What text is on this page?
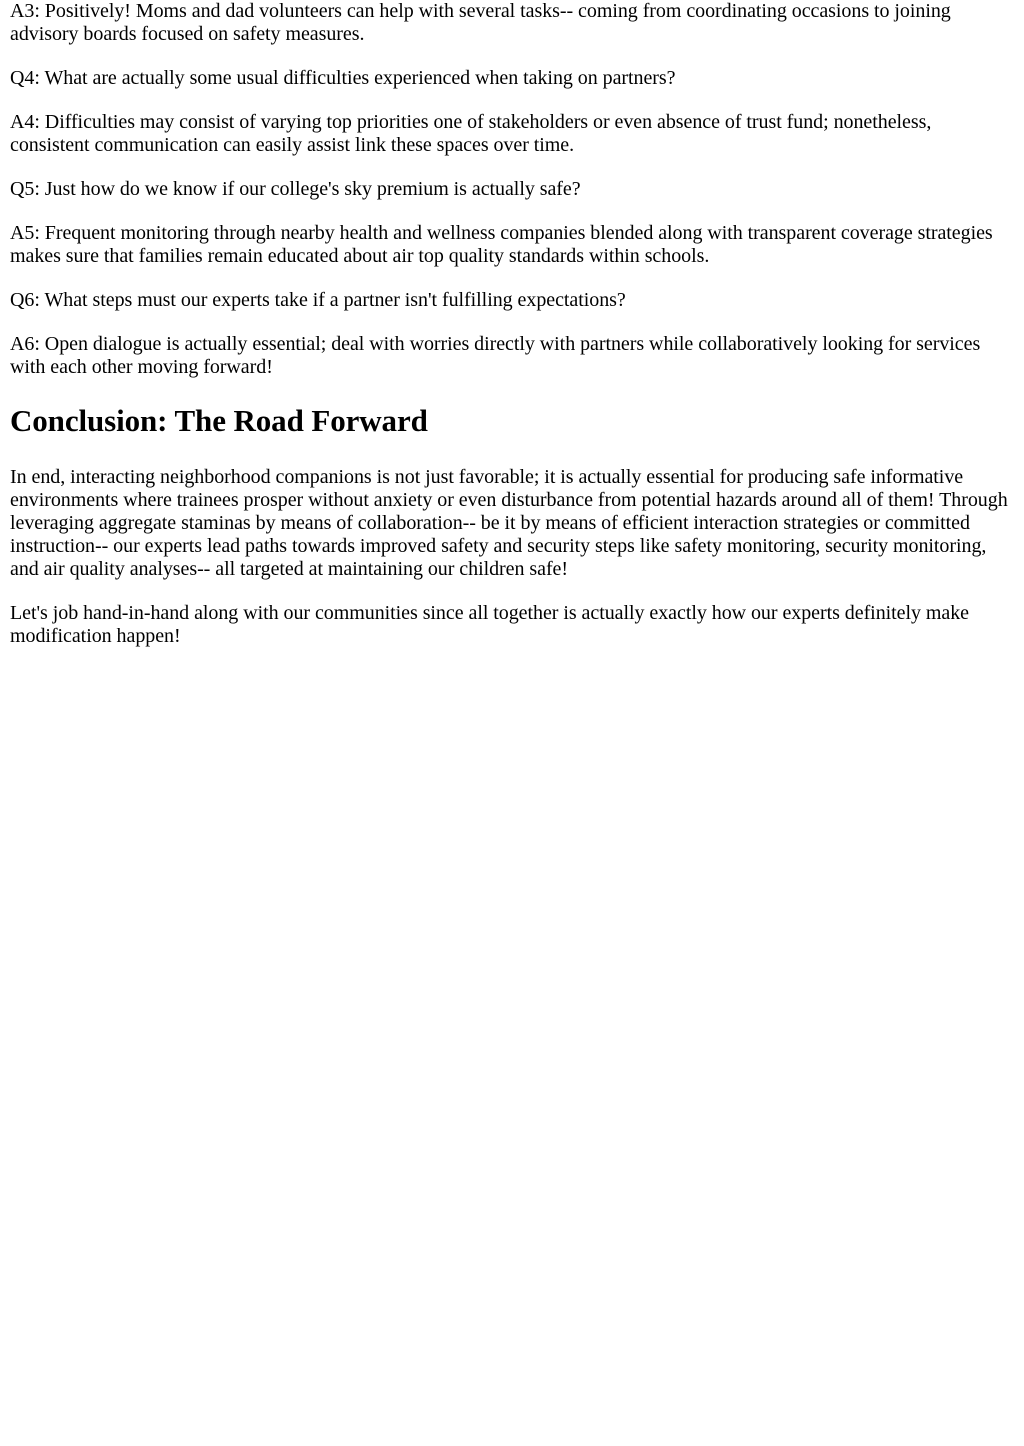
A3: Positively! Moms and dad volunteers can help with several tasks-- coming from coordinating occasions to joining advisory boards focused on safety measures.

Q4: What are actually some usual difficulties experienced when taking on partners?

A4: Difficulties may consist of varying top priorities one of stakeholders or even absence of trust fund; nonetheless, consistent communication can easily assist link these spaces over time.

Q5: Just how do we know if our college's sky premium is actually safe?

A5: Frequent monitoring through nearby health and wellness companies blended along with transparent coverage strategies makes sure that families remain educated about air top quality standards within schools.

Q6: What steps must our experts take if a partner isn't fulfilling expectations?

A6: Open dialogue is actually essential; deal with worries directly with partners while collaboratively looking for services with each other moving forward!

Conclusion: The Road Forward

In end, interacting neighborhood companions is not just favorable; it is actually essential for producing safe informative environments where trainees prosper without anxiety or even disturbance from potential hazards around all of them! Through leveraging aggregate staminas by means of collaboration-- be it by means of efficient interaction strategies or committed instruction-- our experts lead paths towards improved safety and security steps like safety monitoring, security monitoring, and air quality analyses-- all targeted at maintaining our children safe!

Let's job hand-in-hand along with our communities since all together is actually exactly how our experts definitely make modification happen!
